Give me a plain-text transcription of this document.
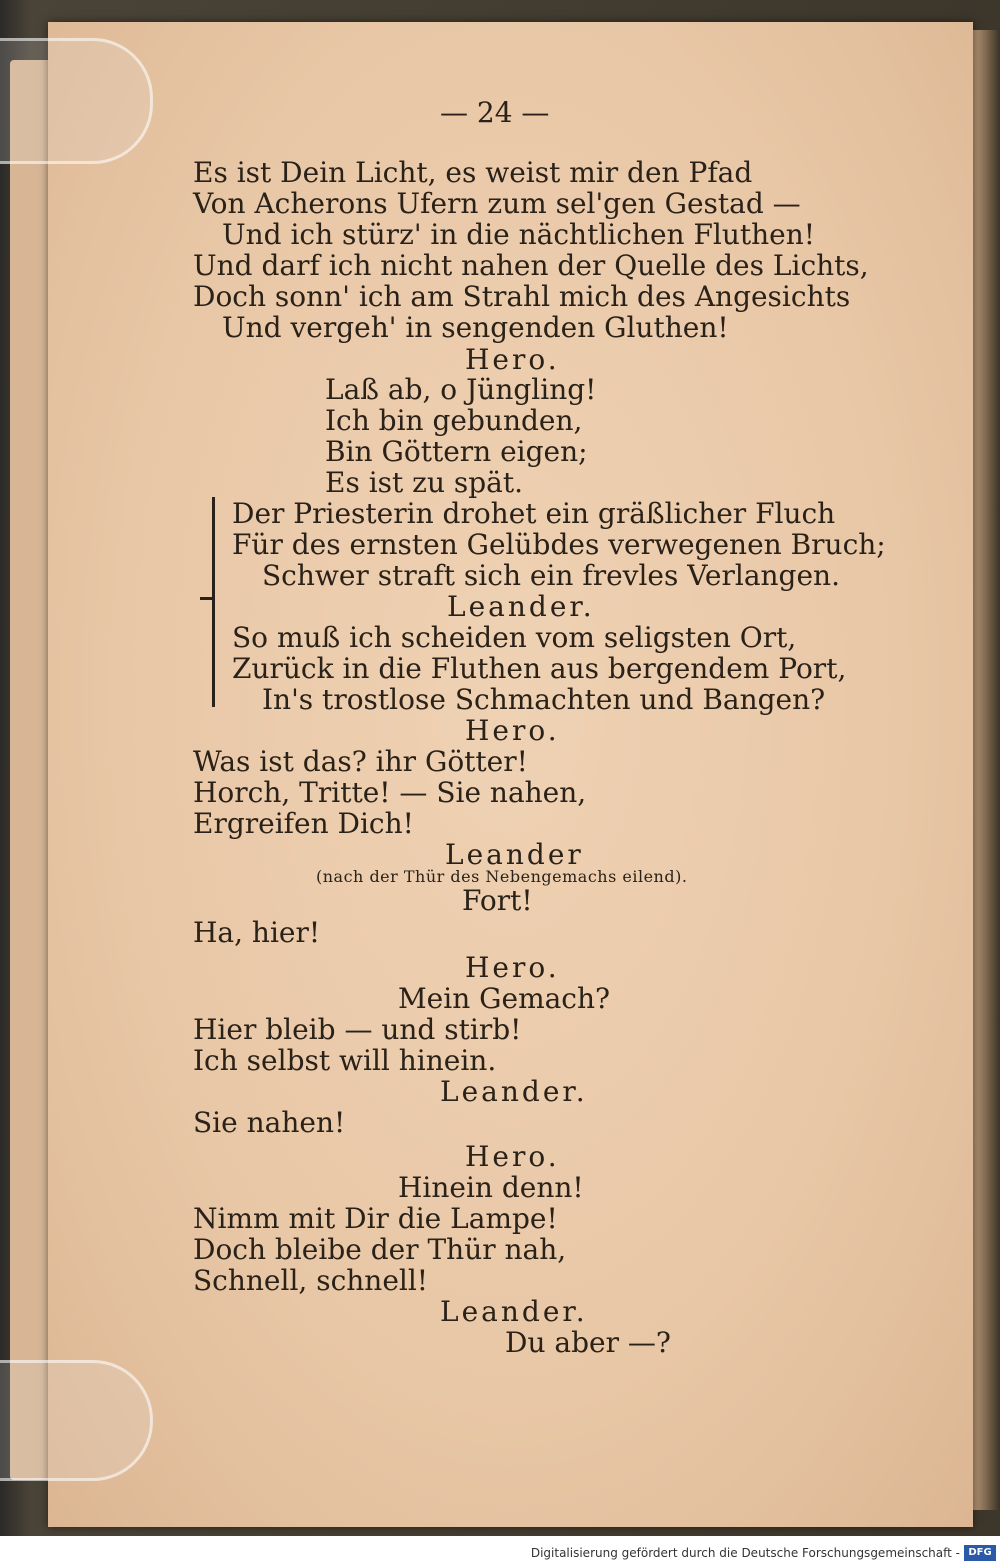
— 24 —
Es ist Dein Licht, es weist mir den Pfad
Von Acherons Ufern zum sel'gen Gestad —
Und ich stürz' in die nächtlichen Fluthen!
Und darf ich nicht nahen der Quelle des Lichts,
Doch sonn' ich am Strahl mich des Angesichts
Und vergeh' in sengenden Gluthen!
Hero.
Laß ab, o Jüngling!
Ich bin gebunden,
Bin Göttern eigen;
Es ist zu spät.
Der Priesterin drohet ein gräßlicher Fluch
Für des ernsten Gelübdes verwegenen Bruch;
Schwer straft sich ein frevles Verlangen.
Leander.
So muß ich scheiden vom seligsten Ort,
Zurück in die Fluthen aus bergendem Port,
In's trostlose Schmachten und Bangen?
Hero.
Was ist das? ihr Götter!
Horch, Tritte! — Sie nahen,
Ergreifen Dich!
Leander
(nach der Thür des Nebengemachs eilend).
Fort!
Ha, hier!
Hero.
Mein Gemach?
Hier bleib — und stirb!
Ich selbst will hinein.
Leander.
Sie nahen!
Hero.
Hinein denn!
Nimm mit Dir die Lampe!
Doch bleibe der Thür nah,
Schnell, schnell!
Leander.
Du aber —?
Digitalisierung gefördert durch die Deutsche Forschungsgemeinschaft - DFG
